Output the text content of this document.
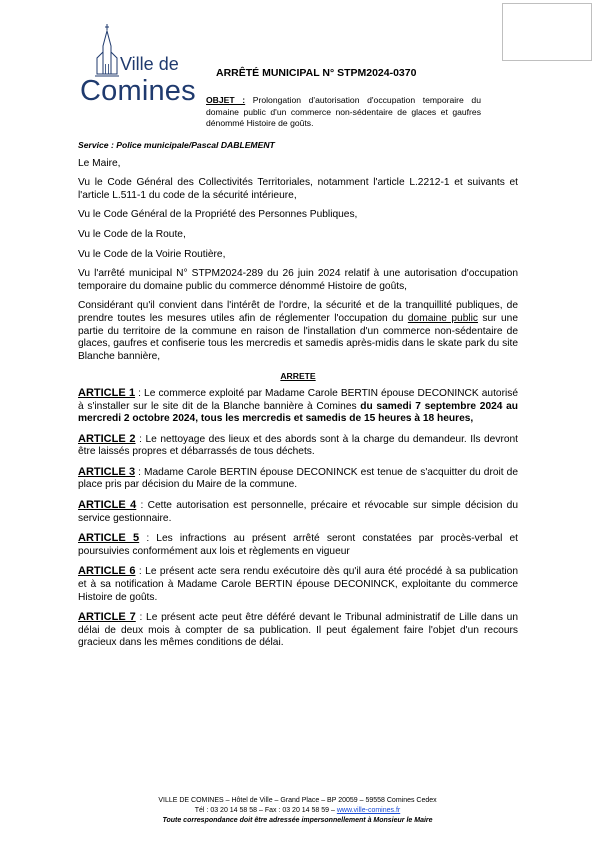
Ville de
Comines
ARRÊTÉ MUNICIPAL N° STPM2024-0370
OBJET : Prolongation d'autorisation d'occupation temporaire du domaine public d'un commerce non-sédentaire de glaces et gaufres dénommé Histoire de goûts.

Service : Police municipale/Pascal DABLEMENT

Le Maire,

Vu le Code Général des Collectivités Territoriales, notamment l'article L.2212-1 et suivants et l'article L.511-1 du code de la sécurité intérieure,

Vu le Code Général de la Propriété des Personnes Publiques,

Vu le Code de la Route,

Vu le Code de la Voirie Routière,

Vu l'arrêté municipal N° STPM2024-289 du 26 juin 2024 relatif à une autorisation d'occupation temporaire du domaine public du commerce dénommé Histoire de goûts,

Considérant qu'il convient dans l'intérêt de l'ordre, la sécurité et de la tranquillité publiques, de prendre toutes les mesures utiles afin de réglementer l'occupation du domaine public sur une partie du territoire de la commune en raison de l'installation d'un commerce non-sédentaire de glaces, gaufres et confiserie tous les mercredis et samedis après-midis dans le skate park du site Blanche bannière,

ARRETE

ARTICLE 1 : Le commerce exploité par Madame Carole BERTIN épouse DECONINCK autorisé à s'installer sur le site dit de la Blanche bannière à Comines du samedi 7 septembre 2024 au mercredi 2 octobre 2024, tous les mercredis et samedis de 15 heures à 18 heures,

ARTICLE 2 : Le nettoyage des lieux et des abords sont à la charge du demandeur. Ils devront être laissés propres et débarrassés de tous déchets.

ARTICLE 3 : Madame Carole BERTIN épouse DECONINCK est tenue de s'acquitter du droit de place pris par décision du Maire de la commune.

ARTICLE 4 : Cette autorisation est personnelle, précaire et révocable sur simple décision du service gestionnaire.

ARTICLE 5 : Les infractions au présent arrêté seront constatées par procès-verbal et poursuivies conformément aux lois et règlements en vigueur

ARTICLE 6 : Le présent acte sera rendu exécutoire dès qu'il aura été procédé à sa publication et à sa notification à Madame Carole BERTIN épouse DECONINCK, exploitante du commerce Histoire de goûts.

ARTICLE 7 : Le présent acte peut être déféré devant le Tribunal administratif de Lille dans un délai de deux mois à compter de sa publication. Il peut également faire l'objet d'un recours gracieux dans les mêmes conditions de délai.

VILLE DE COMINES – Hôtel de Ville – Grand Place – BP 20059 – 59558 Comines Cedex
Tél : 03 20 14 58 58 – Fax : 03 20 14 58 59 – www.ville-comines.fr
Toute correspondance doit être adressée impersonnellement à Monsieur le Maire
